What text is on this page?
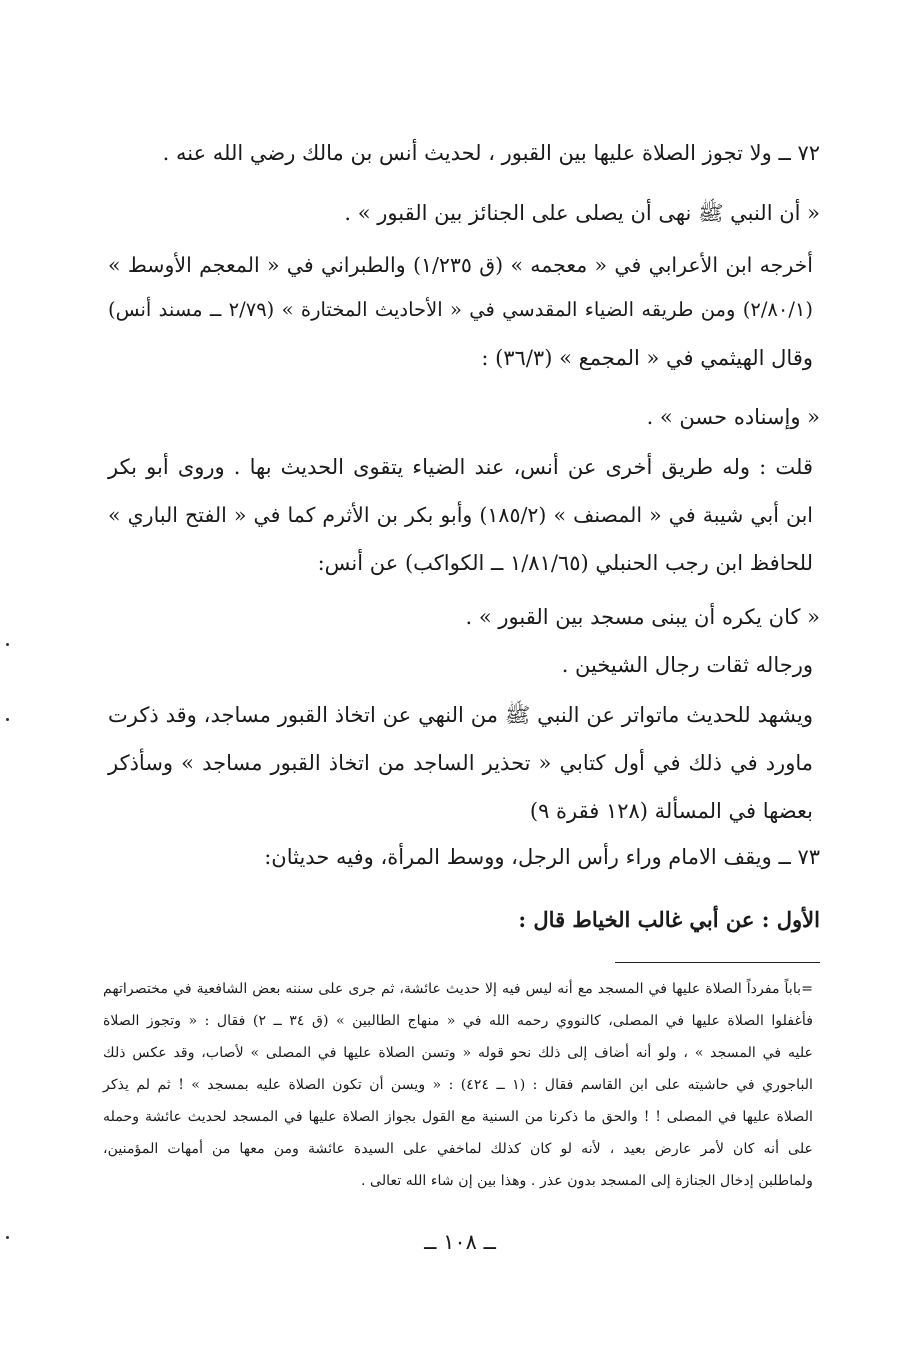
٧٢ ــ ولا تجوز الصلاة عليها بين القبور ، لحديث أنس بن مالك رضي الله عنه .
« أن النبي ﷺ نهى أن يصلى على الجنائز بين القبور » .
أخرجه ابن الأعرابي في « معجمه » (ق ١/٢٣٥) والطبراني في « المعجم الأوسط »
(٢/٨٠/١) ومن طريقه الضياء المقدسي في « الأحاديث المختارة » (٢/٧٩ ــ مسند أنس)
وقال الهيثمي في « المجمع » (٣٦/٣) :
« وإسناده حسن » .
قلت : وله طريق أخرى عن أنس، عند الضياء يتقوى الحديث بها . وروى أبو بكر
ابن أبي شيبة في « المصنف » (١٨٥/٢) وأبو بكر بن الأثرم كما في « الفتح الباري »
للحافظ ابن رجب الحنبلي (١/٨١/٦٥ ــ الكواكب) عن أنس:
« كان يكره أن يبنى مسجد بين القبور » .
ورجاله ثقات رجال الشيخين .
ويشهد للحديث ماتواتر عن النبي ﷺ من النهي عن اتخاذ القبور مساجد، وقد ذكرت
ماورد في ذلك في أول كتابي « تحذير الساجد من اتخاذ القبور مساجد » وسأذكر
بعضها في المسألة (١٢٨ فقرة ٩)
٧٣ ــ ويقف الامام وراء رأس الرجل، ووسط المرأة، وفيه حديثان:
الأول : عن أبي غالب الخياط قال :
=باباً مفرداً الصلاة عليها في المسجد مع أنه ليس فيه إلا حديث عائشة، ثم جرى على سننه بعض الشافعية في مختصراتهم
فأغفلوا الصلاة عليها في المصلى، كالنووي رحمه الله في « منهاج الطالبين » (ق ٣٤ ــ ٢) فقال : « وتجوز الصلاة
عليه في المسجد » ، ولو أنه أضاف إلى ذلك نحو قوله « وتسن الصلاة عليها في المصلى » لأصاب، وقد عكس ذلك
الباجوري في حاشيته على ابن القاسم فقال : (١ ــ ٤٢٤) : « ويسن أن تكون الصلاة عليه بمسجد » ! ثم لم يذكر
الصلاة عليها في المصلى ! ! والحق ما ذكرنا من السنية مع القول بجواز الصلاة عليها في المسجد لحديث عائشة وحمله
على أنه كان لأمر عارض بعيد ، لأنه لو كان كذلك لماخفي على السيدة عائشة ومن معها من أمهات المؤمنين،
ولماطلبن إدخال الجنازة إلى المسجد بدون عذر . وهذا بين إن شاء الله تعالى .
ــ ١٠٨ ــ
